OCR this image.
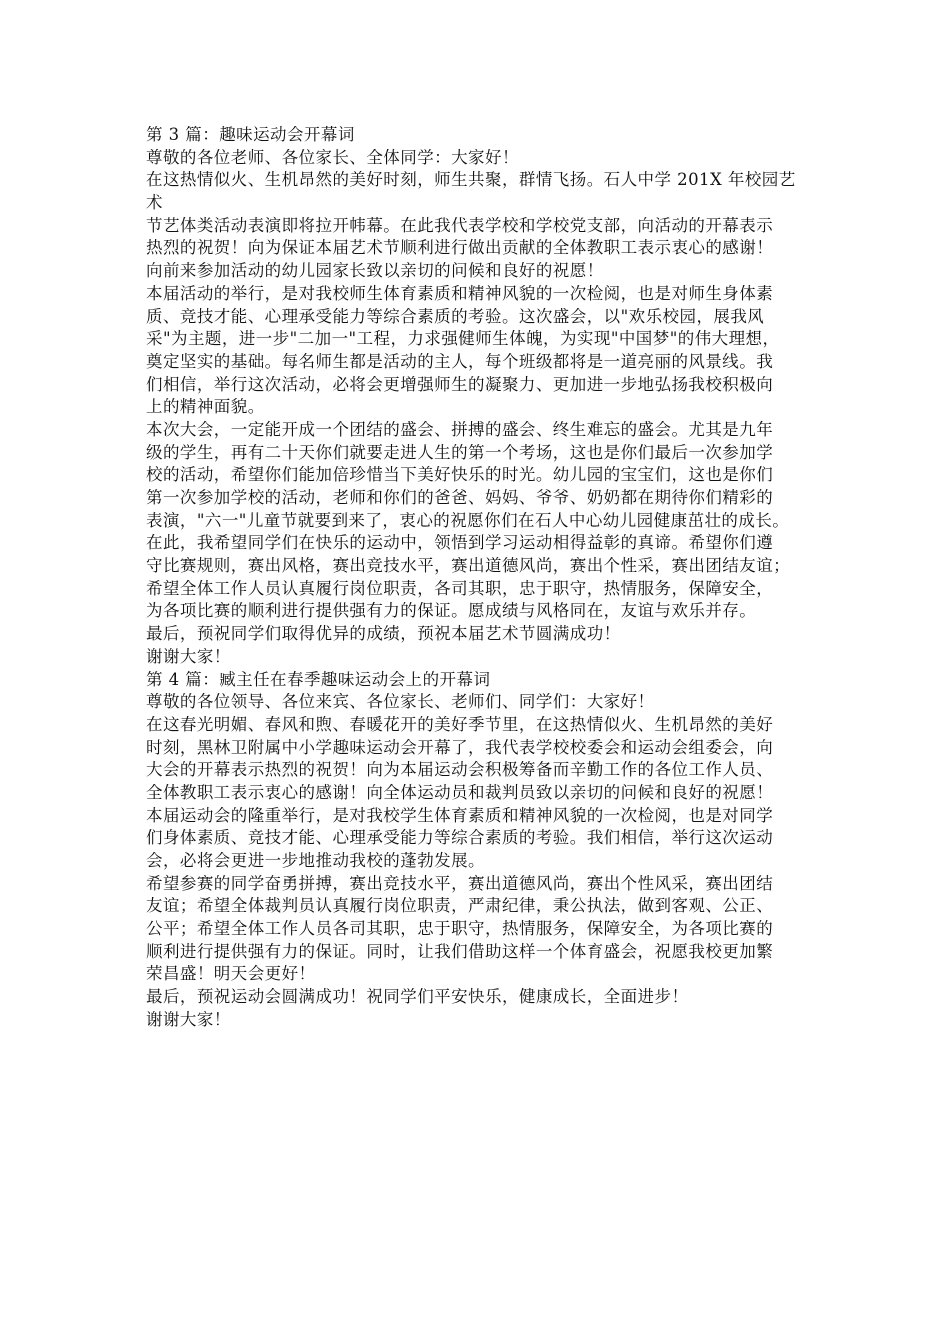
第 3 篇：趣味运动会开幕词
尊敬的各位老师、各位家长、全体同学：大家好！
在这热情似火、生机昂然的美好时刻，师生共聚，群情飞扬。石人中学 201X 年校园艺
术
节艺体类活动表演即将拉开帏幕。在此我代表学校和学校党支部，向活动的开幕表示
热烈的祝贺！向为保证本届艺术节顺利进行做出贡献的全体教职工表示衷心的感谢！
向前来参加活动的幼儿园家长致以亲切的问候和良好的祝愿！
本届活动的举行，是对我校师生体育素质和精神风貌的一次检阅，也是对师生身体素
质、竞技才能、心理承受能力等综合素质的考验。这次盛会，以"欢乐校园，展我风
采"为主题，进一步"二加一"工程，力求强健师生体魄，为实现"中国梦"的伟大理想，
奠定坚实的基础。每名师生都是活动的主人，每个班级都将是一道亮丽的风景线。我
们相信，举行这次活动，必将会更增强师生的凝聚力、更加进一步地弘扬我校积极向
上的精神面貌。
本次大会，一定能开成一个团结的盛会、拼搏的盛会、终生难忘的盛会。尤其是九年
级的学生，再有二十天你们就要走进人生的第一个考场，这也是你们最后一次参加学
校的活动，希望你们能加倍珍惜当下美好快乐的时光。幼儿园的宝宝们，这也是你们
第一次参加学校的活动，老师和你们的爸爸、妈妈、爷爷、奶奶都在期待你们精彩的
表演，"六一"儿童节就要到来了，衷心的祝愿你们在石人中心幼儿园健康茁壮的成长。
在此，我希望同学们在快乐的运动中，领悟到学习运动相得益彰的真谛。希望你们遵
守比赛规则，赛出风格，赛出竞技水平，赛出道德风尚，赛出个性采，赛出团结友谊；
希望全体工作人员认真履行岗位职责，各司其职，忠于职守，热情服务，保障安全，
为各项比赛的顺利进行提供强有力的保证。愿成绩与风格同在，友谊与欢乐并存。
最后，预祝同学们取得优异的成绩，预祝本届艺术节圆满成功！
谢谢大家！
第 4 篇：臧主任在春季趣味运动会上的开幕词
尊敬的各位领导、各位来宾、各位家长、老师们、同学们：大家好！
在这春光明媚、春风和煦、春暖花开的美好季节里，在这热情似火、生机昂然的美好
时刻，黑林卫附属中小学趣味运动会开幕了，我代表学校校委会和运动会组委会，向
大会的开幕表示热烈的祝贺！向为本届运动会积极筹备而辛勤工作的各位工作人员、
全体教职工表示衷心的感谢！向全体运动员和裁判员致以亲切的问候和良好的祝愿！
本届运动会的隆重举行，是对我校学生体育素质和精神风貌的一次检阅，也是对同学
们身体素质、竞技才能、心理承受能力等综合素质的考验。我们相信，举行这次运动
会，必将会更进一步地推动我校的蓬勃发展。
希望参赛的同学奋勇拼搏，赛出竞技水平，赛出道德风尚，赛出个性风采，赛出团结
友谊；希望全体裁判员认真履行岗位职责，严肃纪律，秉公执法，做到客观、公正、
公平；希望全体工作人员各司其职，忠于职守，热情服务，保障安全，为各项比赛的
顺利进行提供强有力的保证。同时，让我们借助这样一个体育盛会，祝愿我校更加繁
荣昌盛！明天会更好！
最后，预祝运动会圆满成功！祝同学们平安快乐，健康成长，全面进步！
谢谢大家！
